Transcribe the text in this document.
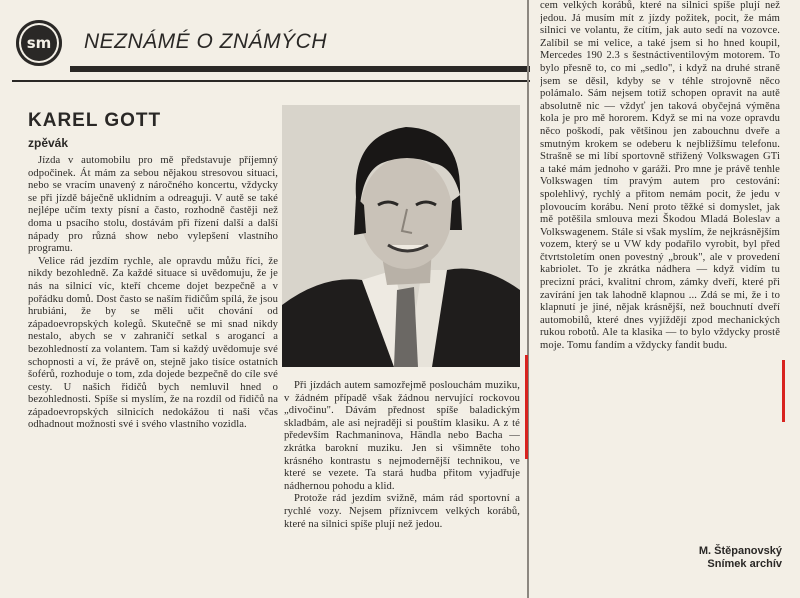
sm NEZNÁMÉ O ZNÁMÝCH
KAREL GOTT
zpěvák

Jízda v automobilu pro mě představuje příjemný odpočinek. Át mám za sebou nějakou stresovou situaci, nebo se vracím unavený z náročného koncertu, vždycky se při jízdě báječně uklidním a odreaguji. V autě se také nejlépe učím texty písní a často, rozhodně častěji než doma u psacího stolu, dostávám při řízení další a další nápady pro různá show nebo vylepšení vlastního programu.

Velice rád jezdím rychle, ale opravdu můžu říci, že nikdy bezohledně. Za každé situace si uvědomuju, že je nás na silnicí víc, kteří chceme dojet bezpečně a v pořádku domů. Dost často se naším řidičům spílá, že jsou hrubiáni, že by se měli učit chování od západoevropských kolegů. Skutečně se mi snad nikdy nestalo, abych se v zahraničí setkal s arogancí a bezohledností za volantem. Tam si každý uvědomuje své schopnosti a ví, že právě on, stejně jako tisíce ostatních šoférů, rozhoduje o tom, zda dojede bezpečně do cíle své cesty. U našich řidičů bych nemluvil hned o bezohlednosti. Spíše si myslím, že na rozdíl od řidičů na západoevropských silnicích nedokážou ti naši včas odhadnout možnosti své i svého vlastního vozidla.

Při jízdách autem samozřejmě poslouchám muziku, v žádném případě však žádnou nervující rockovou „divočinu". Dávám přednost spíše baladickým skladbám, ale asi nejraději si pouštím klasiku. A z té především Rachmaninova, Händla nebo Bacha — zkrátka barokní muziku. Jen si všimněte toho krásného kontrastu s nejmodernější technikou, ve které se vezete. Ta stará hudba přitom vyjadřuje nádhernou pohodu a klid.

Protože rád jezdím svižně, mám rád sportovní a rychlé vozy. Nejsem příznivcem velkých korábů, které na silnici spíše plují než jedou.

cem velkých korábů, které na silnici spíše plují než jedou. Já musím mít z jízdy požitek, pocit, že mám silnici ve volantu, že cítím, jak auto sedí na vozovce. Zalíbil se mi velice, a také jsem si ho hned koupil, Mercedes 190 2.3 s šestnáctiventilovým motorem. To bylo přesně to, co mi „sedlo", i když na druhé straně jsem se děsil, kdyby se v téhle strojovně něco polámalo. Sám nejsem totiž schopen opravit na autě absolutně nic — vždyť jen taková obyčejná výměna kola je pro mě hororem. Když se mi na voze opravdu něco poškodí, pak většinou jen zabouchnu dveře a smutným krokem se odeberu k nejbližšímu telefonu. Strašně se mi líbí sportovně střižený Volkswagen GTi a také mám jednoho v garáži. Pro mne je právě tenhle Volkswagen tím pravým autem pro cestování: spolehlivý, rychlý a přitom nemám pocit, že jedu v plovoucím korábu. Není proto těžké si domyslet, jak mě potěšila smlouva mezi Škodou Mladá Boleslav a Volkswagenem. Stále si však myslím, že nejkrásnějším vozem, který se u VW kdy podařilo vyrobit, byl před čtvrtstoletím onen povestný „brouk", ale v provedení kabriolet. To je zkrátka nádhera — když vidím tu precizní práci, kvalitní chrom, zámky dveří, které při zavírání jen tak lahodně klapnou ... Zdá se mi, že i to klapnutí je jiné, nějak krásnější, než bouchnutí dveří automobilů, které dnes vyjíždějí zpod mechanických rukou robotů. Ale ta klasika — to bylo vždycky prostě moje. Tomu fandím a vždycky fandit budu.

M. Štěpanovský
Snímek archív
